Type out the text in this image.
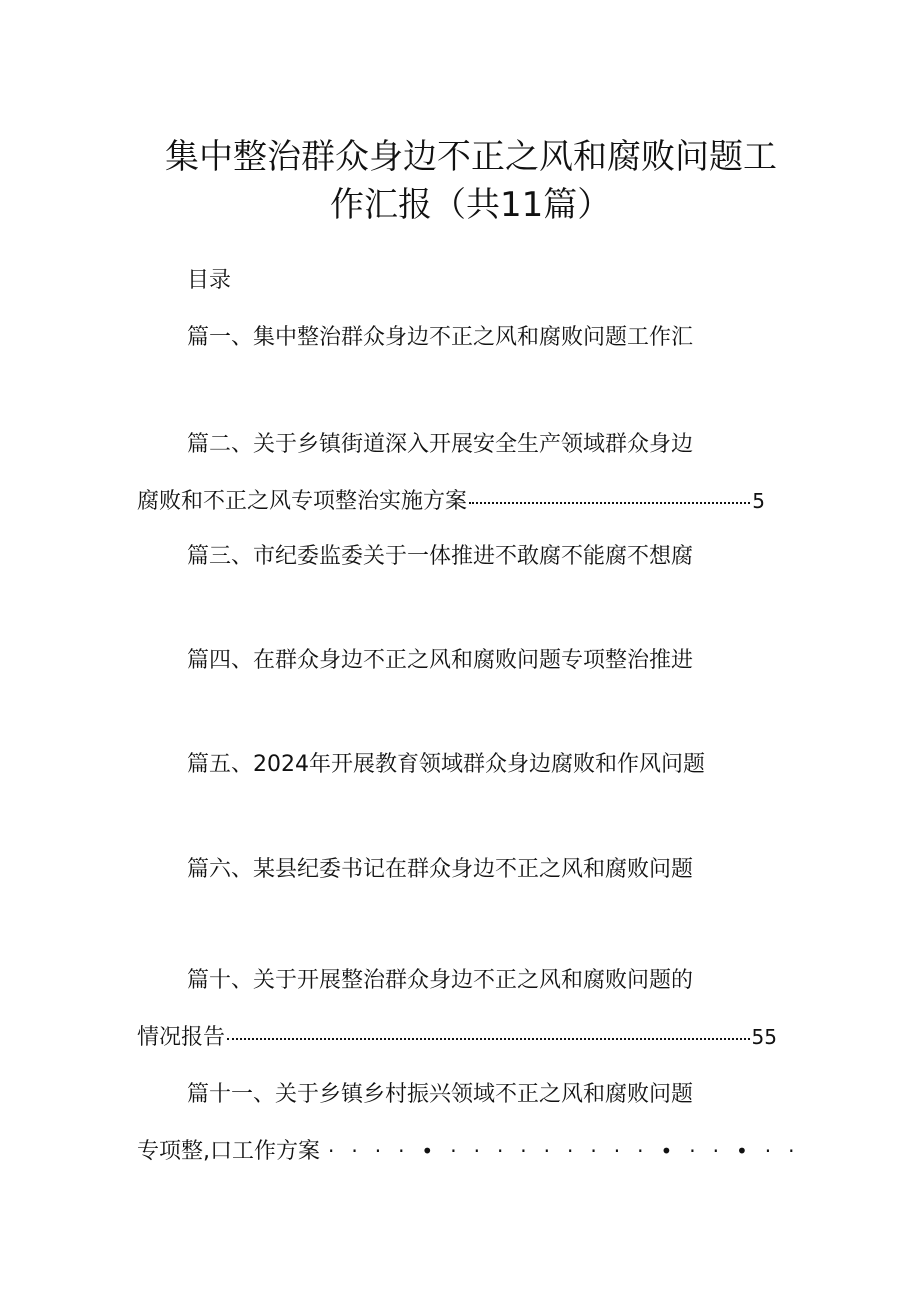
集中整治群众身边不正之风和腐败问题工
作汇报（共11篇）
目录
篇一、集中整治群众身边不正之风和腐败问题工作汇
篇二、关于乡镇街道深入开展安全生产领域群众身边
腐败和不正之风专项整治实施方案	5
篇三、市纪委监委关于一体推进不敢腐不能腐不想腐
篇四、在群众身边不正之风和腐败问题专项整治推进
篇五、2024年开展教育领域群众身边腐败和作风问题
篇六、某县纪委书记在群众身边不正之风和腐败问题
篇十、关于开展整治群众身边不正之风和腐败问题的
情况报告	55
篇十一、关于乡镇乡村振兴领域不正之风和腐败问题
专项整,口工作方案 ····•·········•··•··
